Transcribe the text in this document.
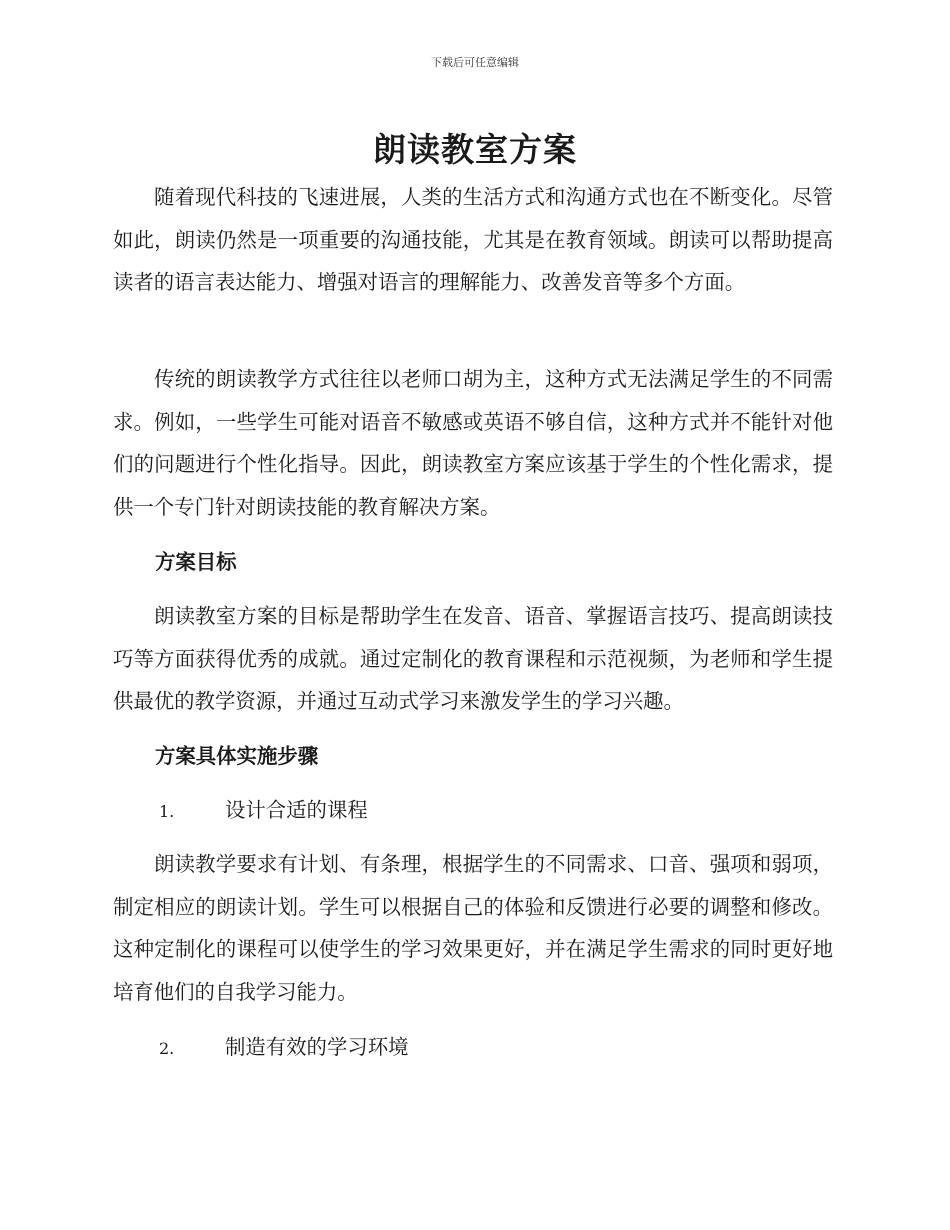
下载后可任意编辑
朗读教室方案
随着现代科技的飞速进展，人类的生活方式和沟通方式也在不断变化。尽管如此，朗读仍然是一项重要的沟通技能，尤其是在教育领域。朗读可以帮助提高读者的语言表达能力、增强对语言的理解能力、改善发音等多个方面。
传统的朗读教学方式往往以老师口胡为主，这种方式无法满足学生的不同需求。例如，一些学生可能对语音不敏感或英语不够自信，这种方式并不能针对他们的问题进行个性化指导。因此，朗读教室方案应该基于学生的个性化需求，提供一个专门针对朗读技能的教育解决方案。
方案目标
朗读教室方案的目标是帮助学生在发音、语音、掌握语言技巧、提高朗读技巧等方面获得优秀的成就。通过定制化的教育课程和示范视频，为老师和学生提供最优的教学资源，并通过互动式学习来激发学生的学习兴趣。
方案具体实施步骤
1. 设计合适的课程
朗读教学要求有计划、有条理，根据学生的不同需求、口音、强项和弱项，制定相应的朗读计划。学生可以根据自己的体验和反馈进行必要的调整和修改。这种定制化的课程可以使学生的学习效果更好，并在满足学生需求的同时更好地培育他们的自我学习能力。
2. 制造有效的学习环境
